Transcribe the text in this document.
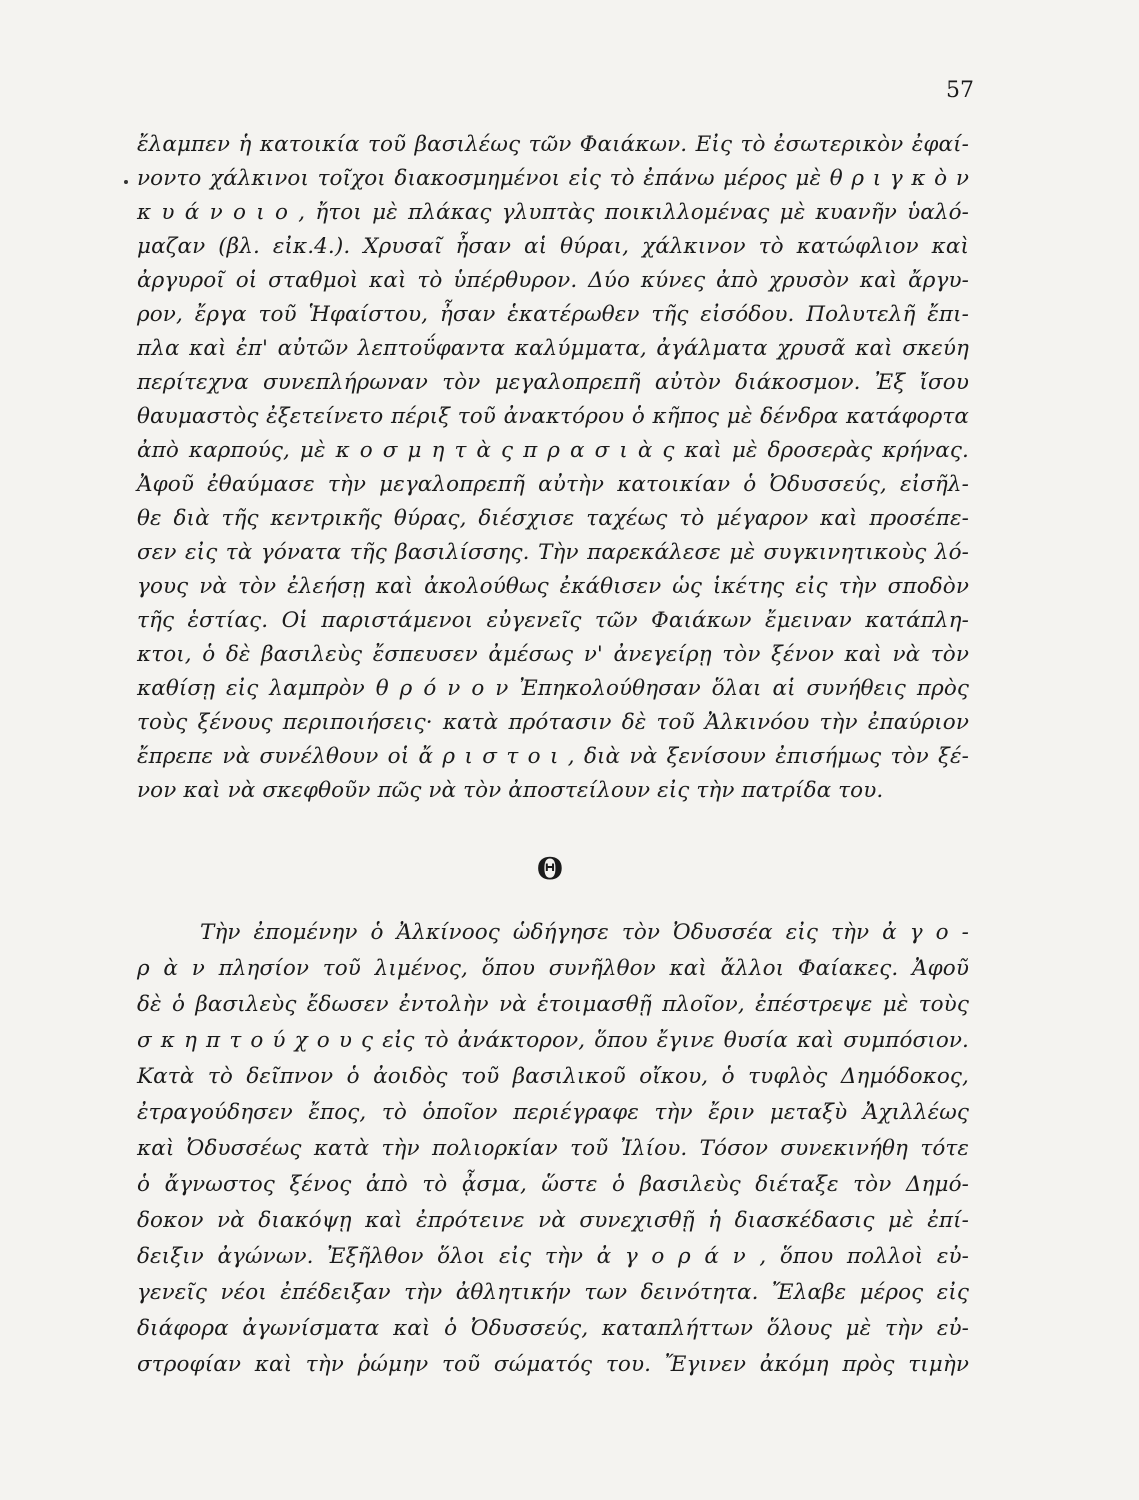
57
ἔλαμπεν ἡ κατοικία τοῦ βασιλέως τῶν Φαιάκων. Εἰς τὸ ἐσωτερικὸν ἐφαί-
νοντο χάλκινοι τοῖχοι διακοσμημένοι εἰς τὸ ἐπάνω μέρος μὲ θ ρ ι γ κ ὸ ν
κ υ ά ν ο ι ο , ἤτοι μὲ πλάκας γλυπτὰς ποικιλλομένας μὲ κυανῆν ὑαλό-
μαζαν (βλ. εἰκ.4.). Χρυσαῖ ἦσαν αἱ θύραι, χάλκινον τὸ κατώφλιον καὶ
ἀργυροῖ οἱ σταθμοὶ καὶ τὸ ὑπέρθυρον. Δύο κύνες ἀπὸ χρυσὸν καὶ ἄργυ-
ρον, ἔργα τοῦ Ἡφαίστου, ἦσαν ἑκατέρωθεν τῆς εἰσόδου. Πολυτελῆ ἔπι-
πλα καὶ ἐπ' αὐτῶν λεπτοΰφαντα καλύμματα, ἀγάλματα χρυσᾶ καὶ σκεύη
περίτεχνα συνεπλήρωναν τὸν μεγαλοπρεπῆ αὐτὸν διάκοσμον. Ἐξ ἴσου
θαυμαστὸς ἐξετείνετο πέριξ τοῦ ἀνακτόρου ὁ κῆπος μὲ δένδρα κατάφορτα
ἀπὸ καρπούς, μὲ κ ο σ μ η τ ὰ ς π ρ α σ ι ὰ ς καὶ μὲ δροσερὰς κρήνας.
Ἀφοῦ ἐθαύμασε τὴν μεγαλοπρεπῆ αὐτὴν κατοικίαν ὁ Ὀδυσσεύς, εἰσῆλ-
θε διὰ τῆς κεντρικῆς θύρας, διέσχισε ταχέως τὸ μέγαρον καὶ προσέπε-
σεν εἰς τὰ γόνατα τῆς βασιλίσσης. Τὴν παρεκάλεσε μὲ συγκινητικοὺς λό-
γους νὰ τὸν ἐλεήσῃ καὶ ἀκολούθως ἐκάθισεν ὡς ἱκέτης εἰς τὴν σποδὸν
τῆς ἑστίας. Οἱ παριστάμενοι εὐγενεῖς τῶν Φαιάκων ἔμειναν κατάπλη-
κτοι, ὁ δὲ βασιλεὺς ἔσπευσεν ἀμέσως ν' ἀνεγείρῃ τὸν ξένον καὶ νὰ τὸν
καθίσῃ εἰς λαμπρὸν θ ρ ό ν ο ν Ἐπηκολούθησαν ὅλαι αἱ συνήθεις πρὸς
τοὺς ξένους περιποιήσεις· κατὰ πρότασιν δὲ τοῦ Ἀλκινόου τὴν ἐπαύριον
ἔπρεπε νὰ συνέλθουν οἱ ἄ ρ ι σ τ ο ι , διὰ νὰ ξενίσουν ἐπισήμως τὸν ξέ-
νον καὶ νὰ σκεφθοῦν πῶς νὰ τὸν ἀποστείλουν εἰς τὴν πατρίδα του.
Θ
Τὴν ἐπομένην ὁ Ἀλκίνοος ὡδήγησε τὸν Ὀδυσσέα εἰς τὴν ἀ γ ο -
ρ ὰ ν πλησίον τοῦ λιμένος, ὅπου συνῆλθον καὶ ἄλλοι Φαίακες. Ἀφοῦ
δὲ ὁ βασιλεὺς ἔδωσεν ἐντολὴν νὰ ἑτοιμασθῇ πλοῖον, ἐπέστρεψε μὲ τοὺς
σ κ η π τ ο ύ χ ο υ ς εἰς τὸ ἀνάκτορον, ὅπου ἔγινε θυσία καὶ συμπόσιον.
Κατὰ τὸ δεῖπνον ὁ ἀοιδὸς τοῦ βασιλικοῦ οἴκου, ὁ τυφλὸς Δημόδοκος,
ἐτραγούδησεν ἔπος, τὸ ὁποῖον περιέγραφε τὴν ἔριν μεταξὺ Ἀχιλλέως
καὶ Ὀδυσσέως κατὰ τὴν πολιορκίαν τοῦ Ἰλίου. Τόσον συνεκινήθη τότε
ὁ ἄγνωστος ξένος ἀπὸ τὸ ᾆσμα, ὥστε ὁ βασιλεὺς διέταξε τὸν Δημό-
δοκον νὰ διακόψῃ καὶ ἐπρότεινε νὰ συνεχισθῇ ἡ διασκέδασις μὲ ἐπί-
δειξιν ἀγώνων. Ἐξῆλθον ὅλοι εἰς τὴν ἀ γ ο ρ ά ν , ὅπου πολλοὶ εὐ-
γενεῖς νέοι ἐπέδειξαν τὴν ἀθλητικήν των δεινότητα. Ἔλαβε μέρος εἰς
διάφορα ἀγωνίσματα καὶ ὁ Ὀδυσσεύς, καταπλήττων ὅλους μὲ τὴν εὐ-
στροφίαν καὶ τὴν ῥώμην τοῦ σώματός του. Ἔγινεν ἀκόμη πρὸς τιμὴν
